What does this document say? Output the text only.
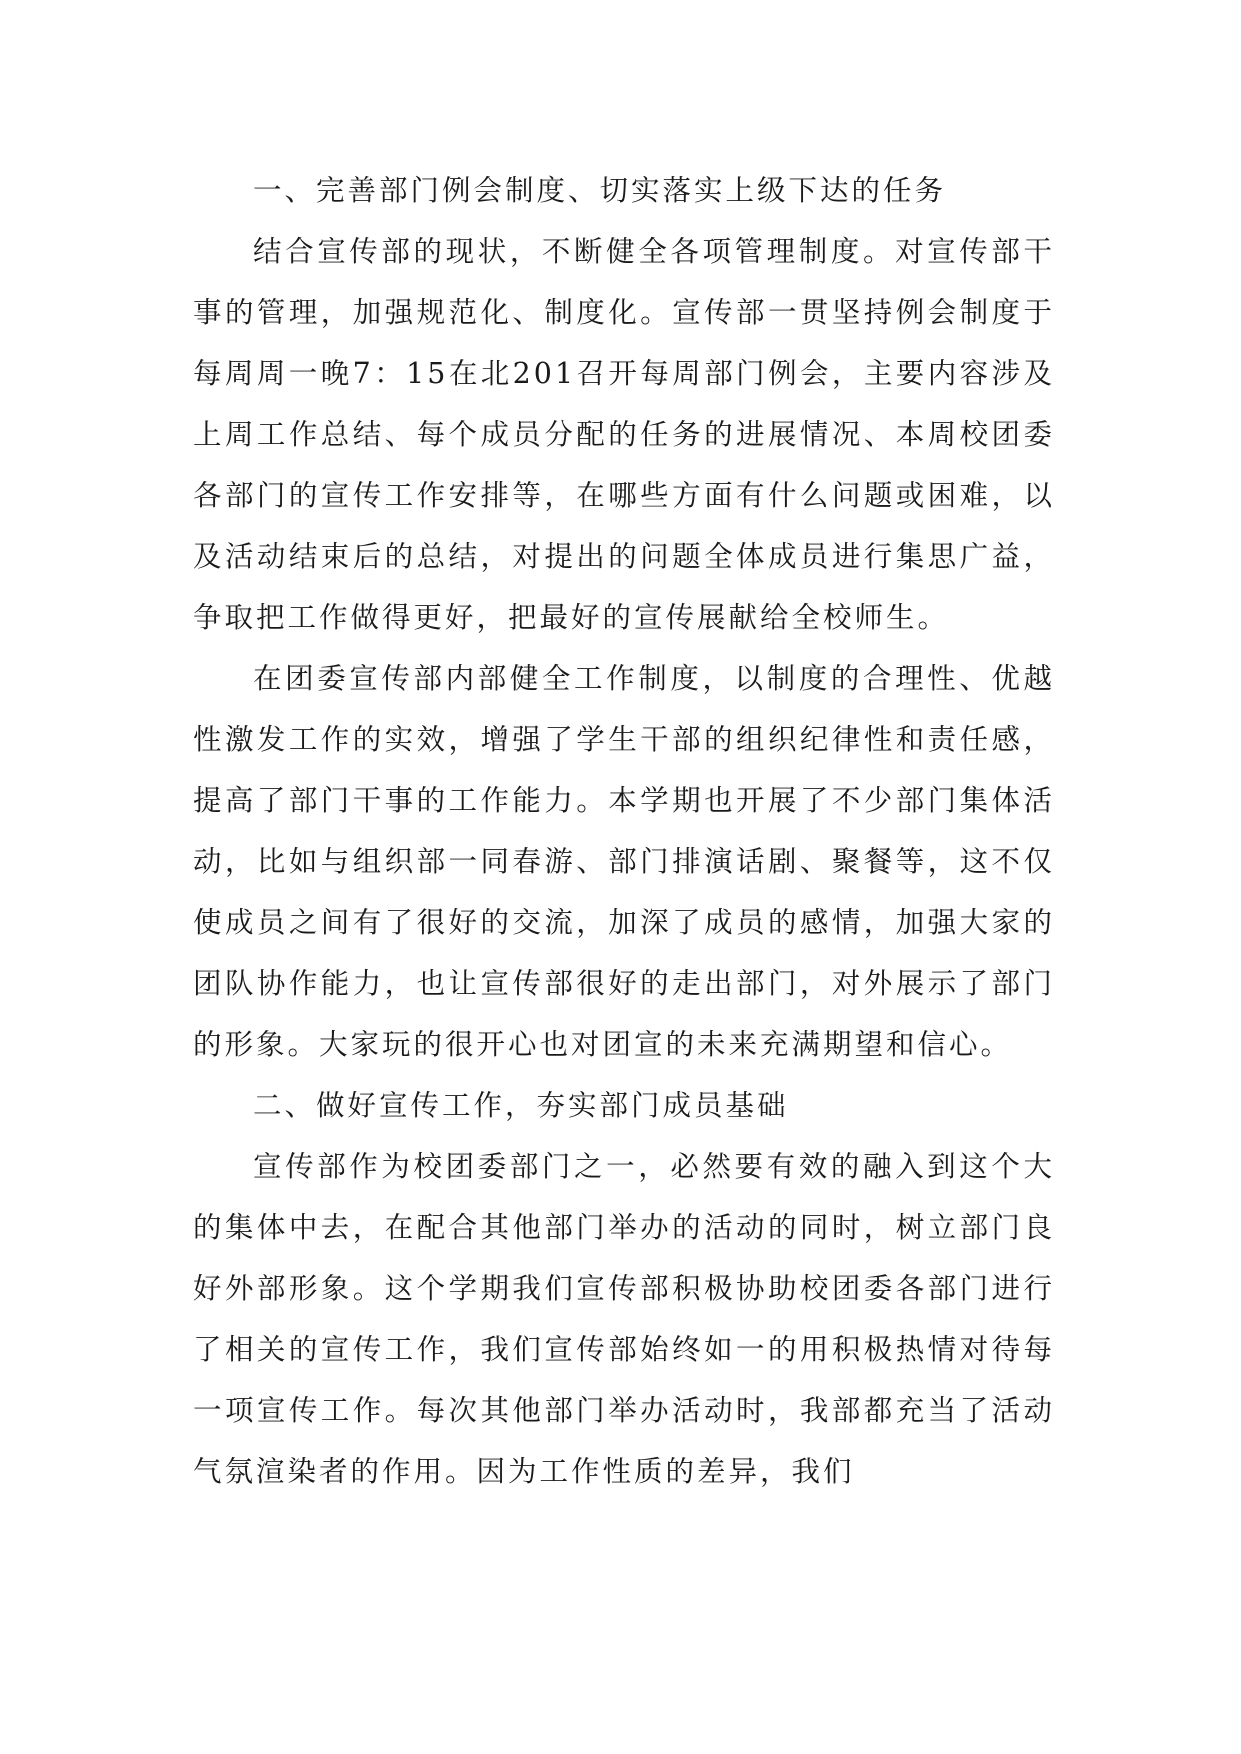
一、完善部门例会制度、切实落实上级下达的任务

结合宣传部的现状，不断健全各项管理制度。对宣传部干事的管理，加强规范化、制度化。宣传部一贯坚持例会制度于每周周一晚7：15在北201召开每周部门例会，主要内容涉及上周工作总结、每个成员分配的任务的进展情况、本周校团委各部门的宣传工作安排等，在哪些方面有什么问题或困难，以及活动结束后的总结，对提出的问题全体成员进行集思广益，争取把工作做得更好，把最好的宣传展献给全校师生。

在团委宣传部内部健全工作制度，以制度的合理性、优越性激发工作的实效，增强了学生干部的组织纪律性和责任感，提高了部门干事的工作能力。本学期也开展了不少部门集体活动，比如与组织部一同春游、部门排演话剧、聚餐等，这不仅使成员之间有了很好的交流，加深了成员的感情，加强大家的团队协作能力，也让宣传部很好的走出部门，对外展示了部门的形象。大家玩的很开心也对团宣的未来充满期望和信心。

二、做好宣传工作，夯实部门成员基础

宣传部作为校团委部门之一，必然要有效的融入到这个大的集体中去，在配合其他部门举办的活动的同时，树立部门良好外部形象。这个学期我们宣传部积极协助校团委各部门进行了相关的宣传工作，我们宣传部始终如一的用积极热情对待每一项宣传工作。每次其他部门举办活动时，我部都充当了活动气氛渲染者的作用。因为工作性质的差异，我们
